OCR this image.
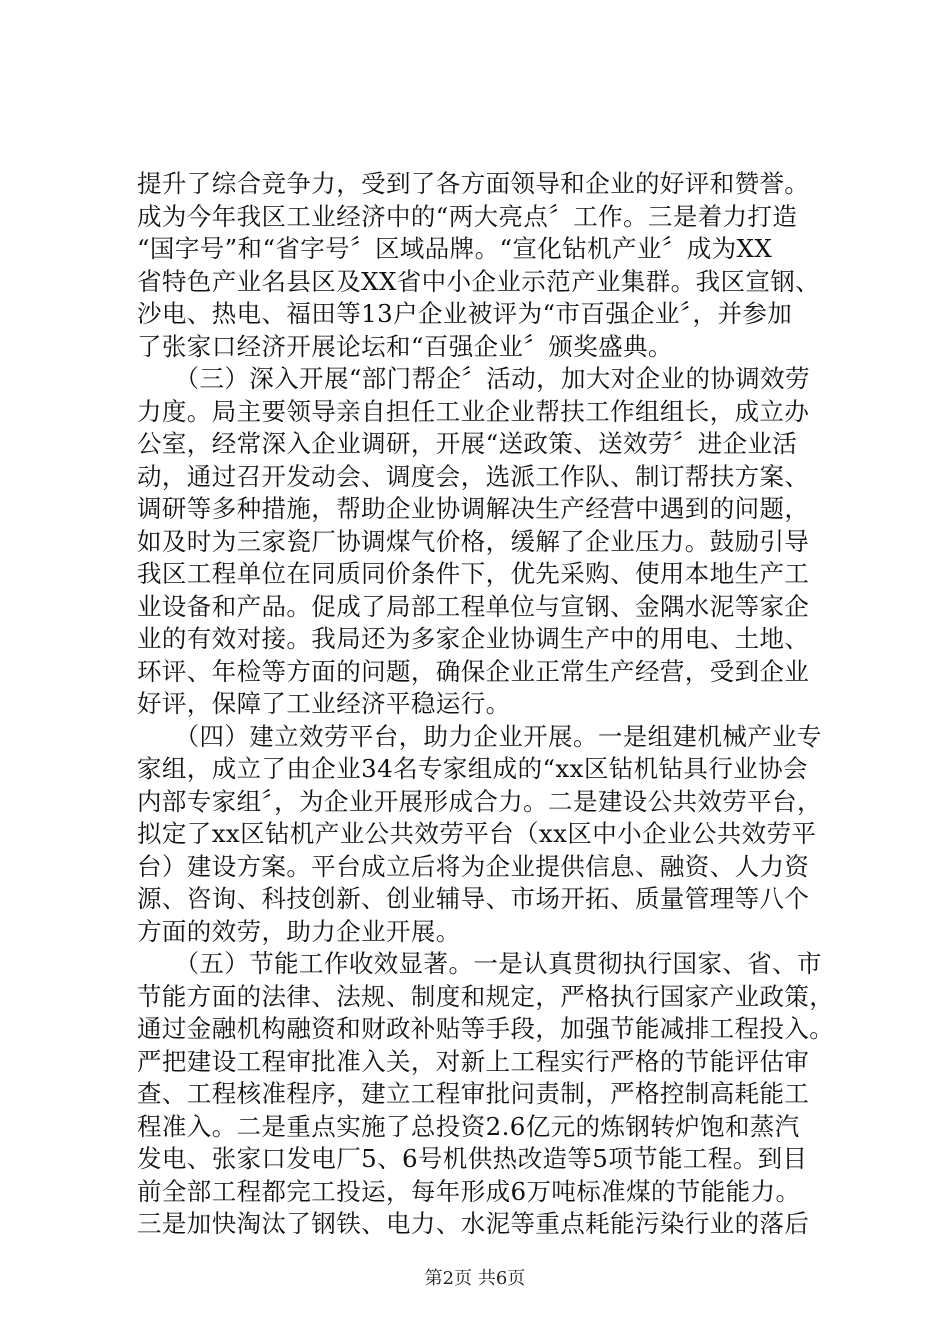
提升了综合竞争力，受到了各方面领导和企业的好评和赞誉。
成为今年我区工业经济中的“两大亮点〞工作。三是着力打造
“国字号”和“省字号〞区域品牌。“宣化钻机产业〞成为XX
省特色产业名县区及XX省中小企业示范产业集群。我区宣钢、
沙电、热电、福田等13户企业被评为“市百强企业〞，并参加
了张家口经济开展论坛和“百强企业〞颁奖盛典。
　　（三）深入开展“部门帮企〞活动，加大对企业的协调效劳
力度。局主要领导亲自担任工业企业帮扶工作组组长，成立办
公室，经常深入企业调研，开展“送政策、送效劳〞进企业活
动，通过召开发动会、调度会，选派工作队、制订帮扶方案、
调研等多种措施，帮助企业协调解决生产经营中遇到的问题，
如及时为三家瓷厂协调煤气价格，缓解了企业压力。鼓励引导
我区工程单位在同质同价条件下，优先采购、使用本地生产工
业设备和产品。促成了局部工程单位与宣钢、金隅水泥等家企
业的有效对接。我局还为多家企业协调生产中的用电、土地、
环评、年检等方面的问题，确保企业正常生产经营，受到企业
好评，保障了工业经济平稳运行。
　　（四）建立效劳平台，助力企业开展。一是组建机械产业专
家组，成立了由企业34名专家组成的“xx区钻机钻具行业协会
内部专家组〞，为企业开展形成合力。二是建设公共效劳平台，
拟定了xx区钻机产业公共效劳平台（xx区中小企业公共效劳平
台）建设方案。平台成立后将为企业提供信息、融资、人力资
源、咨询、科技创新、创业辅导、市场开拓、质量管理等八个
方面的效劳，助力企业开展。
　　（五）节能工作收效显著。一是认真贯彻执行国家、省、市
节能方面的法律、法规、制度和规定，严格执行国家产业政策，
通过金融机构融资和财政补贴等手段，加强节能减排工程投入。
严把建设工程审批准入关，对新上工程实行严格的节能评估审
查、工程核准程序，建立工程审批问责制，严格控制高耗能工
程准入。二是重点实施了总投资2.6亿元的炼钢转炉饱和蒸汽
发电、张家口发电厂5、6号机供热改造等5项节能工程。到目
前全部工程都完工投运，每年形成6万吨标准煤的节能能力。
三是加快淘汰了钢铁、电力、水泥等重点耗能污染行业的落后
第2页 共6页
